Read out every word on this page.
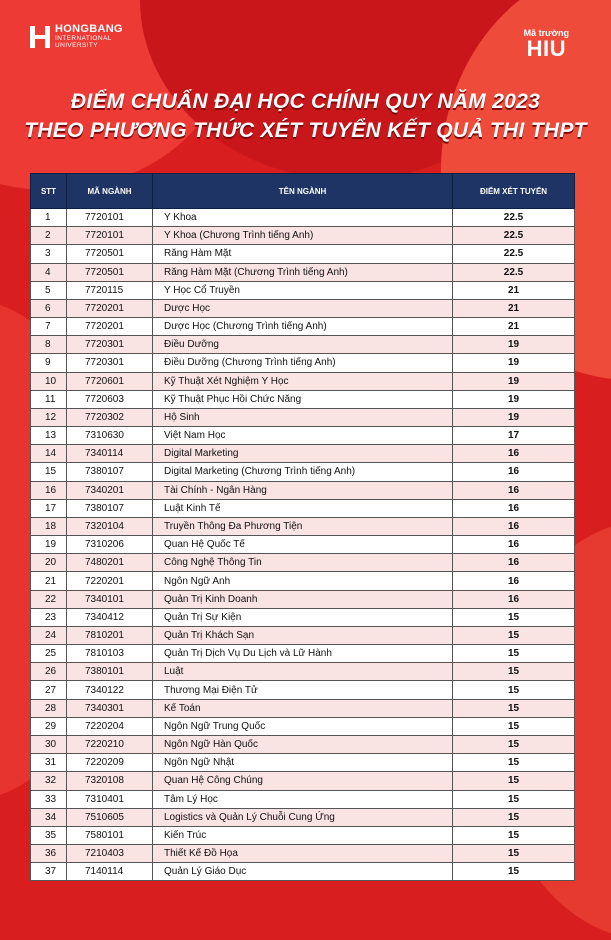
HONGBANG
INTERNATIONAL
UNIVERSITY
Mã trường
HIU
ĐIỂM CHUẨN ĐẠI HỌC CHÍNH QUY NĂM 2023
THEO PHƯƠNG THỨC XÉT TUYỂN KẾT QUẢ THI THPT
STT	MÃ NGÀNH	TÊN NGÀNH	ĐIỂM XÉT TUYỂN
1	7720101	Y Khoa	22.5
2	7720101	Y Khoa (Chương Trình tiếng Anh)	22.5
3	7720501	Răng Hàm Mặt	22.5
4	7720501	Răng Hàm Mặt (Chương Trình tiếng Anh)	22.5
5	7720115	Y Học Cổ Truyền	21
6	7720201	Dược Học	21
7	7720201	Dược Học (Chương Trình tiếng Anh)	21
8	7720301	Điều Dưỡng	19
9	7720301	Điều Dưỡng (Chương Trình tiếng Anh)	19
10	7720601	Kỹ Thuật Xét Nghiệm Y Học	19
11	7720603	Kỹ Thuật Phục Hồi Chức Năng	19
12	7720302	Hộ Sinh	19
13	7310630	Việt Nam Học	17
14	7340114	Digital Marketing	16
15	7380107	Digital Marketing (Chương Trình tiếng Anh)	16
16	7340201	Tài Chính - Ngân Hàng	16
17	7380107	Luật Kinh Tế	16
18	7320104	Truyền Thông Đa Phương Tiện	16
19	7310206	Quan Hệ Quốc Tế	16
20	7480201	Công Nghệ Thông Tin	16
21	7220201	Ngôn Ngữ Anh	16
22	7340101	Quản Trị Kinh Doanh	16
23	7340412	Quản Trị Sự Kiện	15
24	7810201	Quản Trị Khách Sạn	15
25	7810103	Quản Trị Dịch Vụ Du Lịch và Lữ Hành	15
26	7380101	Luật	15
27	7340122	Thương Mại Điện Tử	15
28	7340301	Kế Toán	15
29	7220204	Ngôn Ngữ Trung Quốc	15
30	7220210	Ngôn Ngữ Hàn Quốc	15
31	7220209	Ngôn Ngữ Nhật	15
32	7320108	Quan Hệ Công Chúng	15
33	7310401	Tâm Lý Học	15
34	7510605	Logistics và Quản Lý Chuỗi Cung Ứng	15
35	7580101	Kiến Trúc	15
36	7210403	Thiết Kế Đồ Họa	15
37	7140114	Quản Lý Giáo Dục	15
